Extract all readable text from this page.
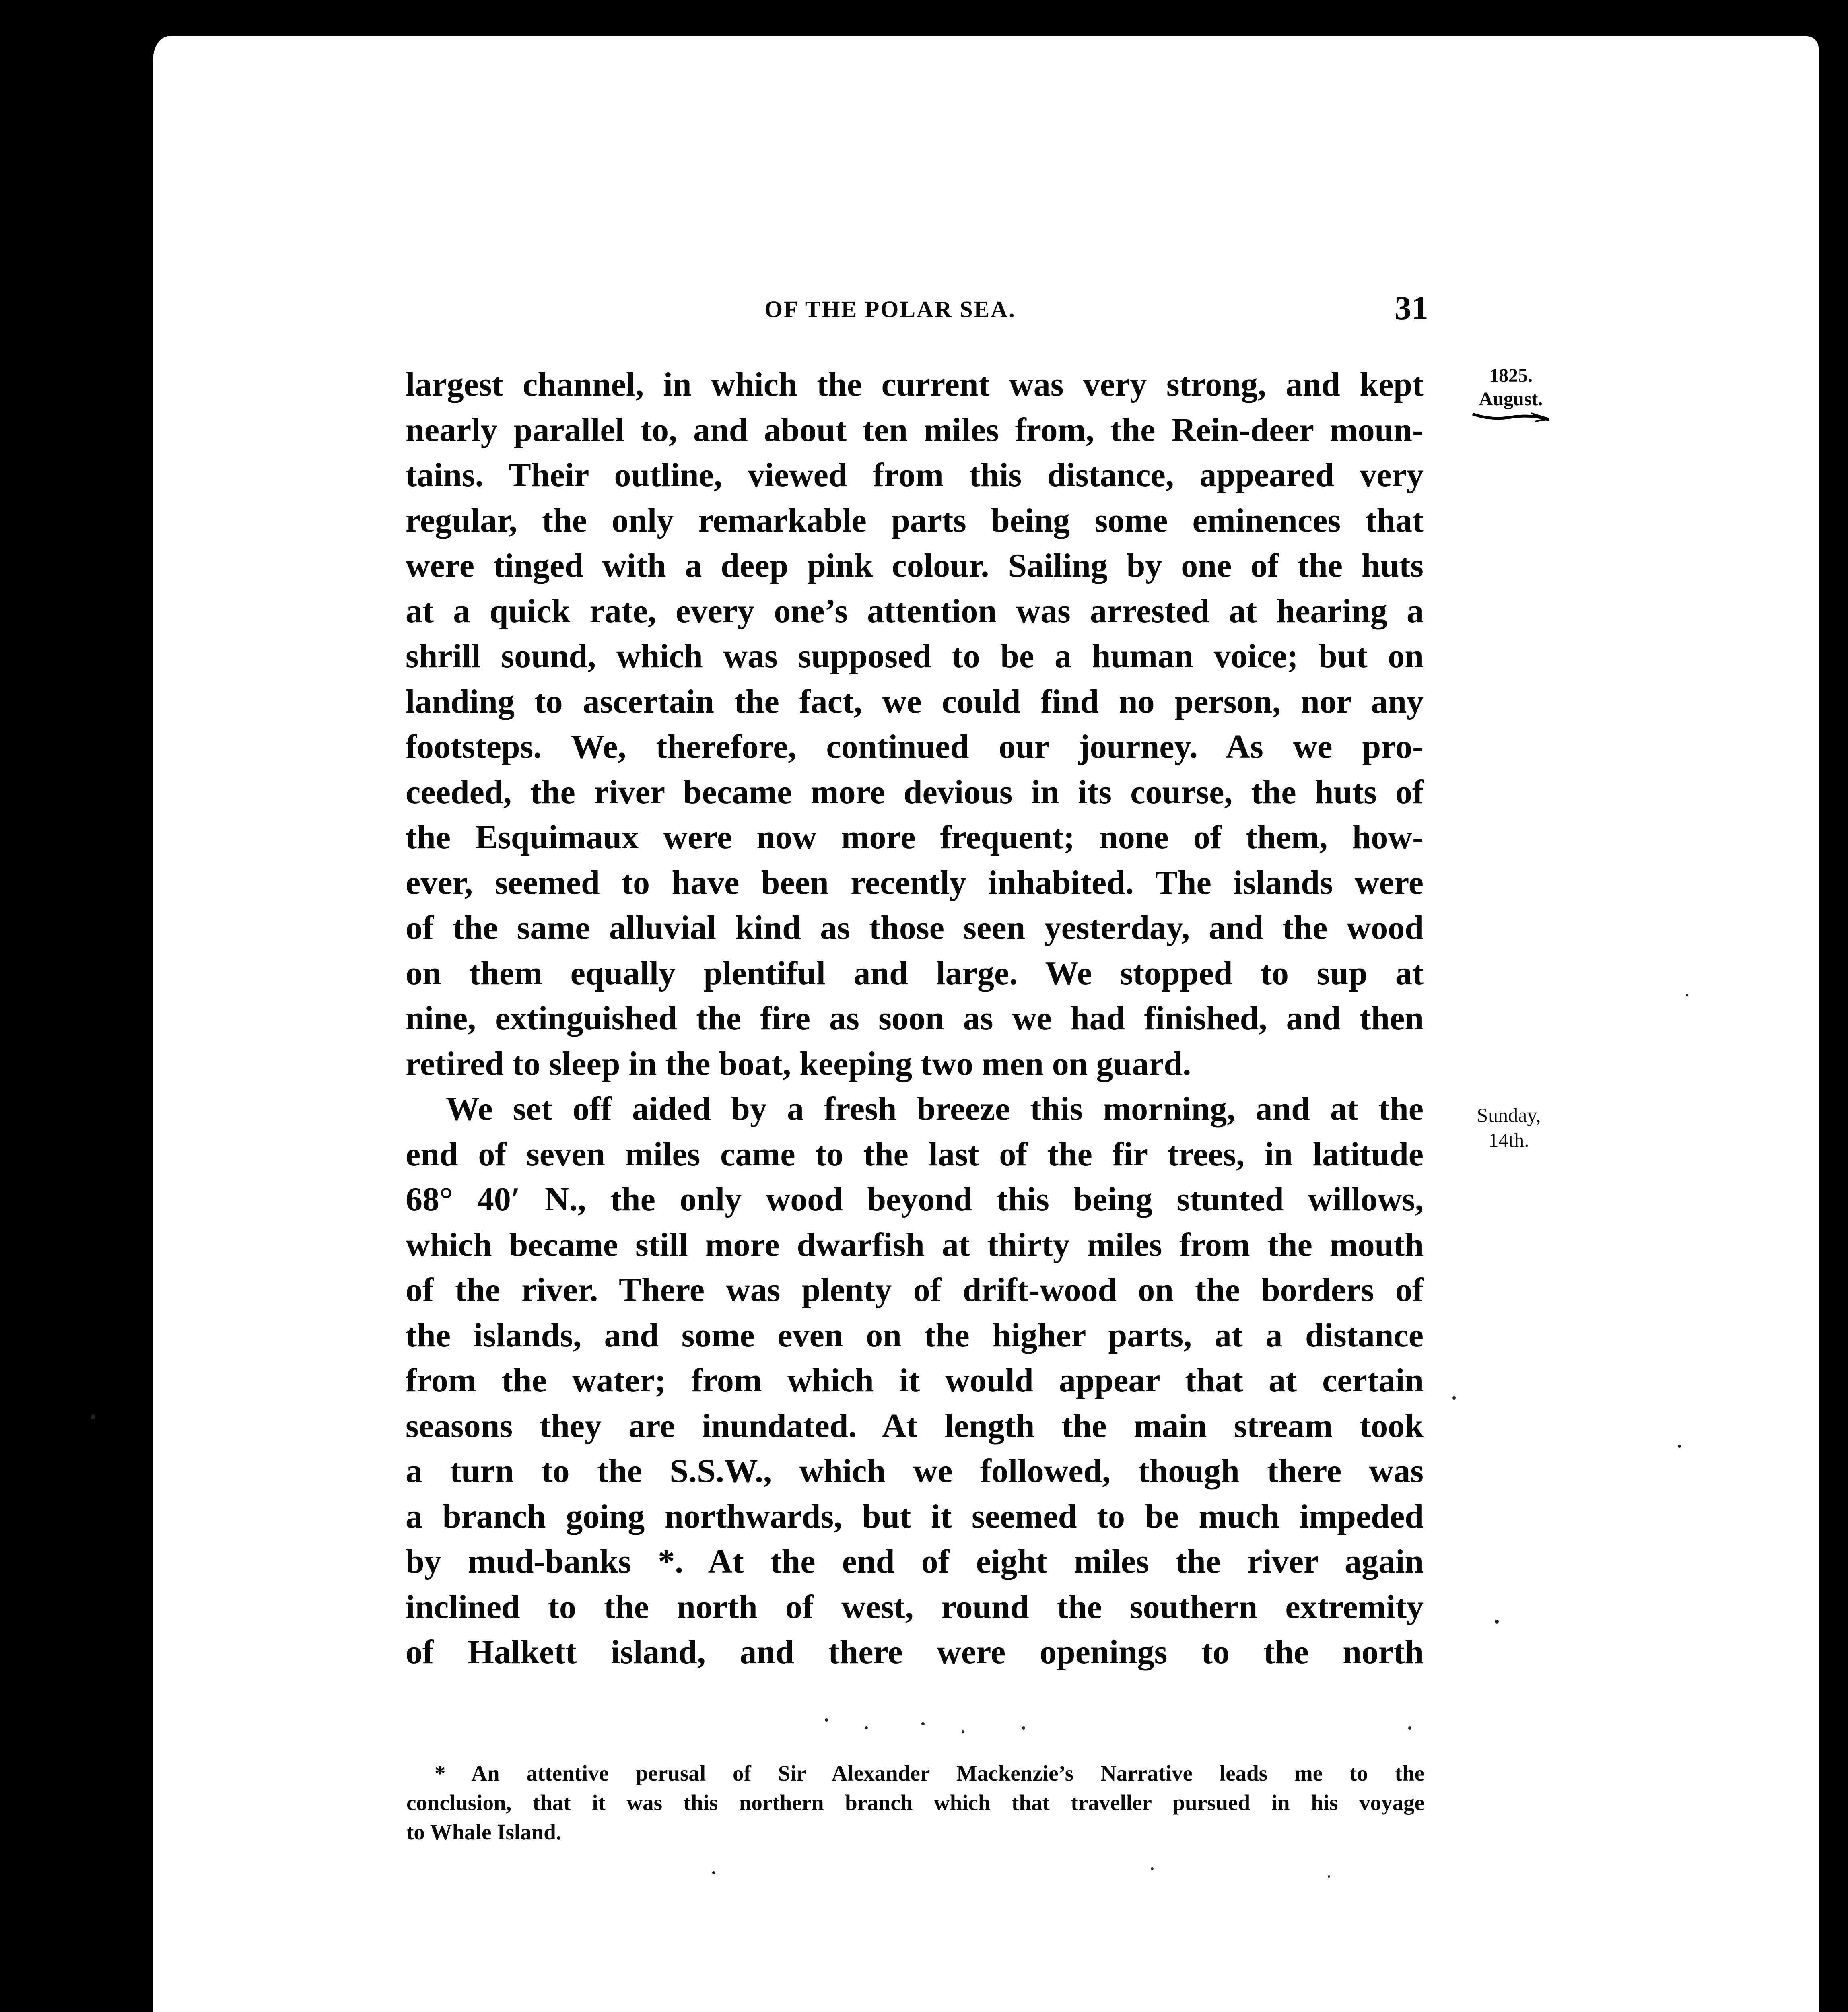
OF THE POLAR SEA.	31
1825.
August.
Sunday,
14th.

largest channel, in which the current was very strong, and kept

nearly parallel to, and about ten miles from, the Rein-deer moun-

tains. Their outline, viewed from this distance, appeared very

regular, the only remarkable parts being some eminences that

were tinged with a deep pink colour. Sailing by one of the huts

at a quick rate, every one’s attention was arrested at hearing a

shrill sound, which was supposed to be a human voice; but on

landing to ascertain the fact, we could find no person, nor any

footsteps. We, therefore, continued our journey. As we pro-

ceeded, the river became more devious in its course, the huts of

the Esquimaux were now more frequent; none of them, how-

ever, seemed to have been recently inhabited. The islands were

of the same alluvial kind as those seen yesterday, and the wood

on them equally plentiful and large. We stopped to sup at

nine, extinguished the fire as soon as we had finished, and then

retired to sleep in the boat, keeping two men on guard.

We set off aided by a fresh breeze this morning, and at the

end of seven miles came to the last of the fir trees, in latitude

68° 40′ N., the only wood beyond this being stunted willows,

which became still more dwarfish at thirty miles from the mouth

of the river. There was plenty of drift-wood on the borders of

the islands, and some even on the higher parts, at a distance

from the water; from which it would appear that at certain

seasons they are inundated. At length the main stream took

a turn to the S.S.W., which we followed, though there was

a branch going northwards, but it seemed to be much impeded

by mud-banks *. At the end of eight miles the river again

inclined to the north of west, round the southern extremity

of Halkett island, and there were openings to the north

* An attentive perusal of Sir Alexander Mackenzie’s Narrative leads me to the

conclusion, that it was this northern branch which that traveller pursued in his voyage

to Whale Island.
